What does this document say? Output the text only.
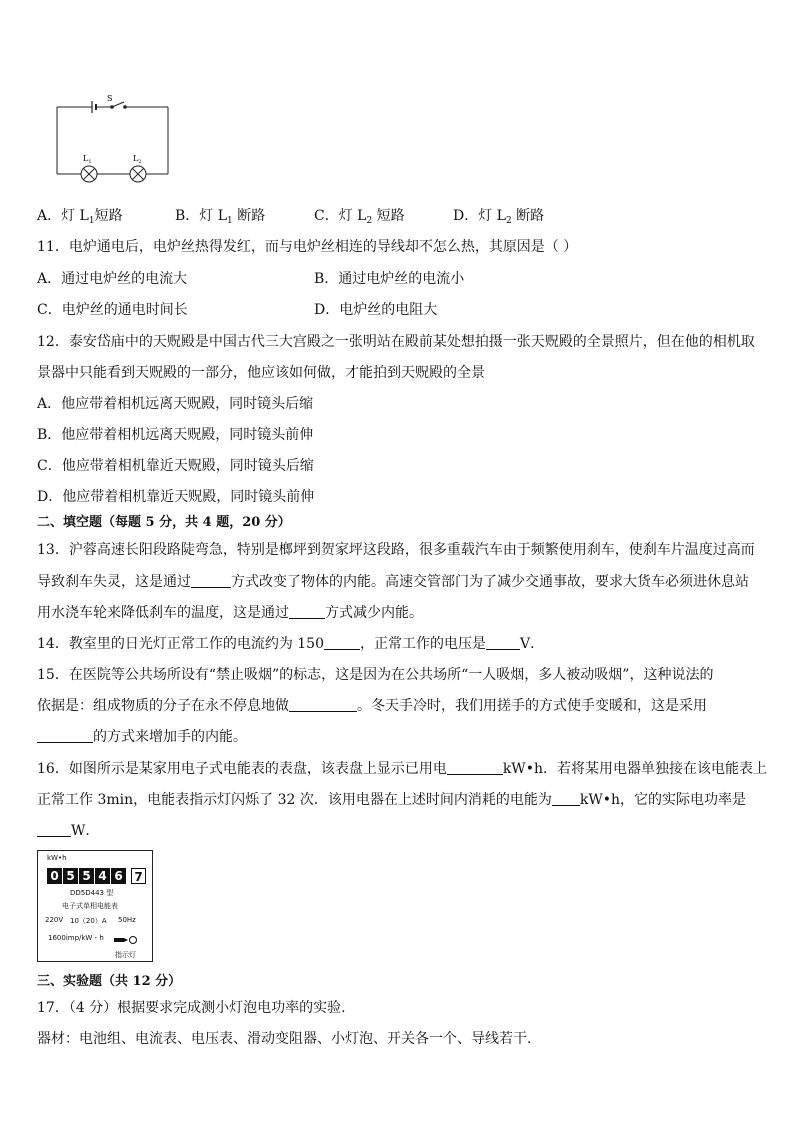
S
$L_1$	$L_2$
A．灯 $L_1$短路	B．灯 $L_1$ 断路	C．灯 $L_2$ 短路	D．灯 $L_2$ 断路
11．电炉通电后，电炉丝热得发红，而与电炉丝相连的导线却不怎么热，其原因是（ ）
A．通过电炉丝的电流大	B．通过电炉丝的电流小
C．电炉丝的通电时间长	D．电炉丝的电阻大
12．泰安岱庙中的天贶殿是中国古代三大宫殿之一张明站在殿前某处想拍摄一张天贶殿的全景照片，但在他的相机取
景器中只能看到天贶殿的一部分，他应该如何做，才能拍到天贶殿的全景
A．他应带着相机远离天贶殿，同时镜头后缩
B．他应带着相机远离天贶殿，同时镜头前伸
C．他应带着相机靠近天贶殿，同时镜头后缩
D．他应带着相机靠近天贶殿，同时镜头前伸
二、填空题（每题 5 分，共 4 题，20 分）
13．沪蓉高速长阳段路陡弯急，特别是榔坪到贺家坪这段路，很多重载汽车由于频繁使用刹车，使刹车片温度过高而
导致刹车失灵，这是通过	方式改变了物体的内能。高速交管部门为了减少交通事故，要求大货车必须进休息站
用水浇车轮来降低刹车的温度，这是通过	方式减少内能。
14．教室里的日光灯正常工作的电流约为 150	，正常工作的电压是 V．
15．在医院等公共场所设有“禁止吸烟”的标志，这是因为在公共场所“一人吸烟，多人被动吸烟”，这种说法的
依据是：组成物质的分子在永不停息地做	。冬天手冷时，我们用搓手的方式使手变暖和，这是采用
的方式来增加手的内能。
16．如图所示是某家用电子式电能表的表盘，该表盘上显示已用电	kW•h．若将某用电器单独接在该电能表上
正常工作 3min，电能表指示灯闪烁了 32 次．该用电器在上述时间内消耗的电能为 kW•h，它的实际电功率是
W．
kW•h
0 5 5 4 6 7
DD5D443 型
电子式单相电能表
220V 10（20）A 50Hz
1600imp/kW・h
指示灯
三、实验题（共 12 分）
17．（4 分）根据要求完成测小灯泡电功率的实验.
器材：电池组、电流表、电压表、滑动变阻器、小灯泡、开关各一个、导线若干.
